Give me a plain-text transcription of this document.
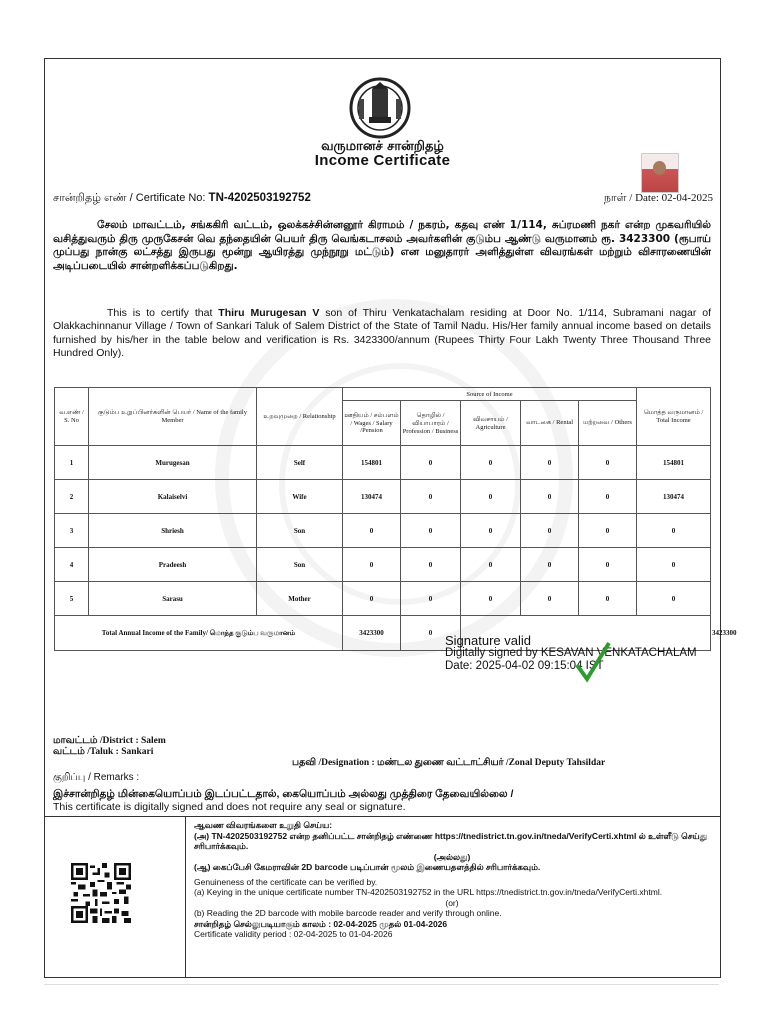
வருமானச் சான்றிதழ்
Income Certificate
சான்றிதழ் எண் / Certificate No: TN-4202503192752	நாள் / Date: 02-04-2025
சேலம் மாவட்டம், சங்ககிரி வட்டம், ஒலக்கச்சின்னனூர் கிராமம் / நகரம், கதவு எண் 1/114, சுப்ரமணி நகர் என்ற முகவரியில் வசித்துவரும் திரு முருகேசன் வெ தந்தையின் பெயர் திரு வெங்கடாசலம் அவர்களின் குடும்ப ஆண்டு வருமானம் ரூ. 3423300 (ரூபாய் முப்பது நான்கு லட்சத்து இருபது மூன்று ஆயிரத்து முந்நூறு மட்டும்) என மனுதாரர் அளித்துள்ள விவரங்கள் மற்றும் விசாரணையின் அடிப்படையில் சான்றளிக்கப்படுகிறது.
This is to certify that Thiru Murugesan V son of Thiru Venkatachalam residing at Door No. 1/114, Subramani nagar of Olakkachinnanur Village / Town of Sankari Taluk of Salem District of the State of Tamil Nadu. His/Her family annual income based on details furnished by his/her in the table below and verification is Rs. 3423300/annum (Rupees Thirty Four Lakh Twenty Three Thousand Three Hundred Only).
வ.எண் / S. No	குடும்ப உறுப்பினர்களின் பெயர் / Name of the family Member	உறவுமுறை / Relationship	Source of Income					மொத்த வருமானம் / Total Income	
			ஊதியம் / சம்பளம் / Wages / Salary /Pension	தொழில் / வியாபாரம் / Profession / Business	விவசாயம் / Agriculture	வாடகை / Rental	மற்றவை / Others		
1	Murugesan	Self	154801	0	0	0	0	154801	
2	Kalaiselvi	Wife	130474	0	0	0	0	130474	
3	Shriesh	Son	0	0	0	0	0	0	
4	Pradeesh	Son	0	0	0	0	0	0	
5	Sarasu	Mother	0	0	0	0	0	0	
Total Annual Income of the Family/ மொத்த குடும்ப வருமானம்			3423300	0					3423300
Signature valid
Digitally signed by KESAVAN VENKATACHALAM
Date: 2025-04-02 09:15:04 IST
மாவட்டம் /District : Salem
வட்டம் /Taluk : Sankari
பதவி /Designation : மண்டல துணை வட்டாட்சியர் /Zonal Deputy Tahsildar
குறிப்பு / Remarks :
இச்சான்றிதழ் மின்கையொப்பம் இடப்பட்டதால், கையொப்பம் அல்லது முத்திரை தேவையில்லை /
This certificate is digitally signed and does not require any seal or signature.

ஆவண விவரங்களை உறுதி செய்ய:

(அ) TN-4202503192752 என்ற தனிப்பட்ட சான்றிதழ் எண்ணை https://tnedistrict.tn.gov.in/tneda/VerifyCerti.xhtml ல் உள்ளீடு செய்து சரிபார்க்கவும்.

(அல்லது)

(ஆ) கைப்பேசி கேமராவின் 2D barcode படிப்பான் மூலம் இணையதளத்தில் சரிபார்க்கவும்.

Genuineness of the certificate can be verified by.

(a) Keying in the unique certificate number TN-4202503192752 in the URL https://tnedistrict.tn.gov.in/tneda/VerifyCerti.xhtml.

(or)

(b) Reading the 2D barcode with mobile barcode reader and verify through online.

சான்றிதழ் செல்லுபடியாகும் காலம் : 02-04-2025 முதல் 01-04-2026

Certificate validity period : 02-04-2025 to 01-04-2026
